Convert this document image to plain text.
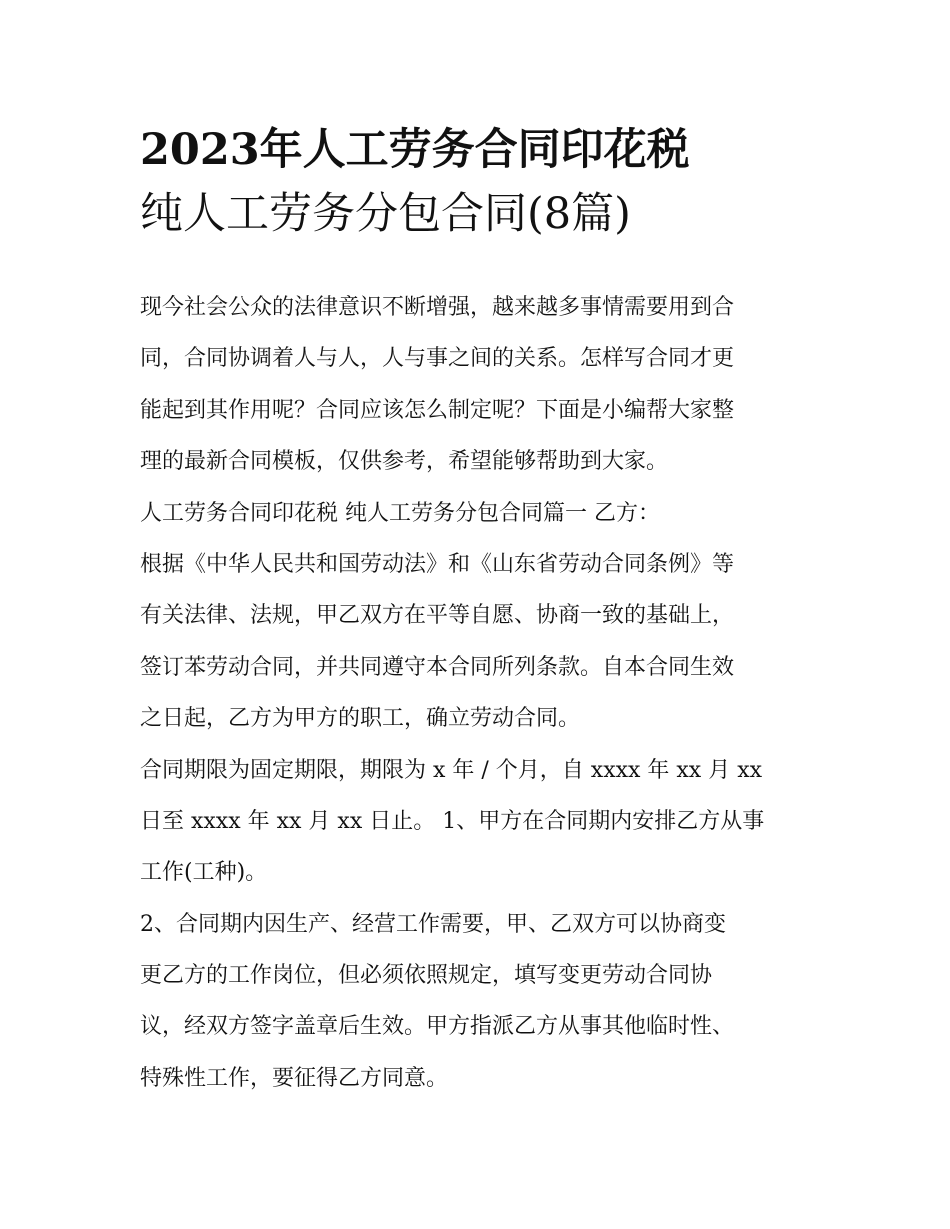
2023年人工劳务合同印花税
纯人工劳务分包合同(8篇)
现今社会公众的法律意识不断增强，越来越多事情需要用到合
同，合同协调着人与人，人与事之间的关系。怎样写合同才更
能起到其作用呢？合同应该怎么制定呢？下面是小编帮大家整
理的最新合同模板，仅供参考，希望能够帮助到大家。
人工劳务合同印花税 纯人工劳务分包合同篇一 乙方：
根据《中华人民共和国劳动法》和《山东省劳动合同条例》等
有关法律、法规，甲乙双方在平等自愿、协商一致的基础上，
签订苯劳动合同，并共同遵守本合同所列条款。自本合同生效
之日起，乙方为甲方的职工，确立劳动合同。
合同期限为固定期限，期限为 x 年 / 个月，自 xxxx 年 xx 月 xx
日至 xxxx 年 xx 月 xx 日止。 1、甲方在合同期内安排乙方从事
工作(工种)。
2、合同期内因生产、经营工作需要，甲、乙双方可以协商变
更乙方的工作岗位，但必须依照规定，填写变更劳动合同协
议，经双方签字盖章后生效。甲方指派乙方从事其他临时性、
特殊性工作，要征得乙方同意。
